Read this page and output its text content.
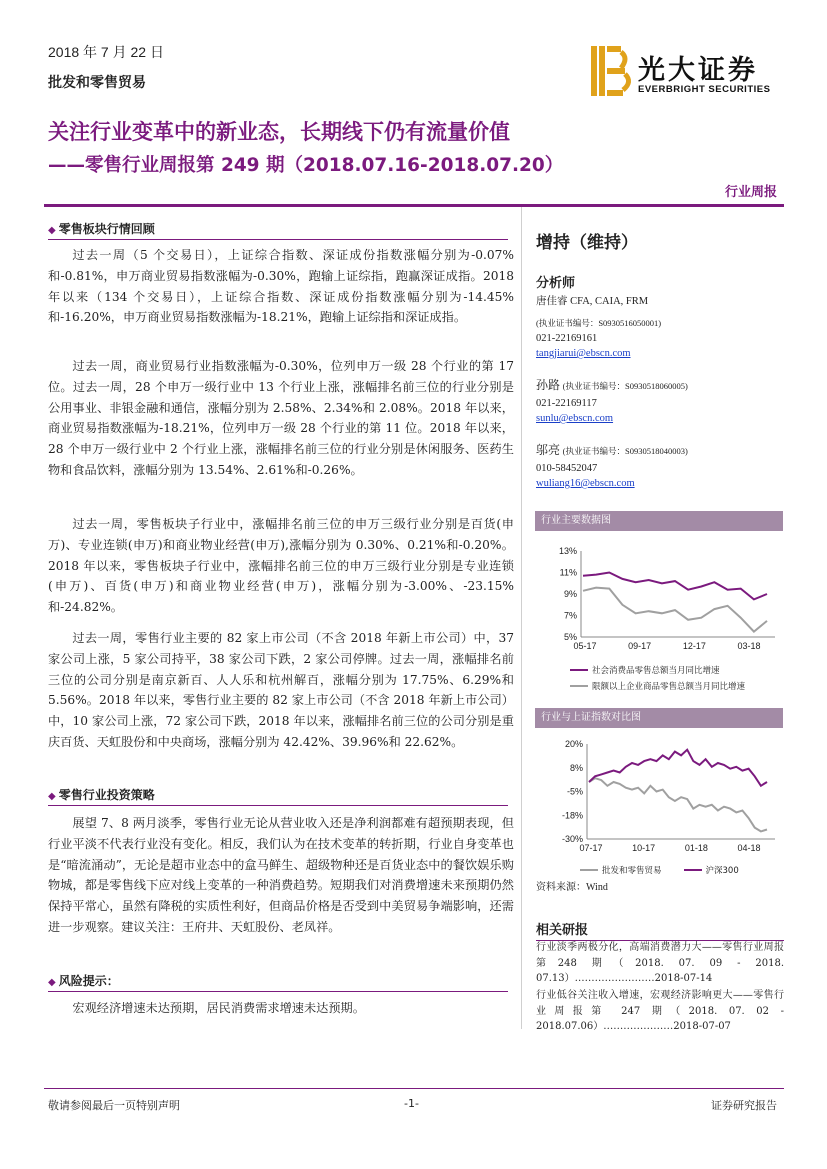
2018 年 7 月 22 日
批发和零售贸易	光大证券
EVERBRIGHT SECURITIES
关注行业变革中的新业态，长期线下仍有流量价值
——零售行业周报第 249 期（2018.07.16-2018.07.20）
行业周报
◆ 零售板块行情回顾
过去一周（5 个交易日），上证综合指数、深证成份指数涨幅分别为-0.07%和-0.81%，申万商业贸易指数涨幅为-0.30%，跑输上证综指，跑赢深证成指。2018 年以来（134 个交易日），上证综合指数、深证成份指数涨幅分别为-14.45%和-16.20%，申万商业贸易指数涨幅为-18.21%，跑输上证综指和深证成指。
过去一周，商业贸易行业指数涨幅为-0.30%，位列申万一级 28 个行业的第 17 位。过去一周，28 个申万一级行业中 13 个行业上涨，涨幅排名前三位的行业分别是公用事业、非银金融和通信，涨幅分别为 2.58%、2.34%和 2.08%。2018 年以来，商业贸易指数涨幅为-18.21%，位列申万一级 28 个行业的第 11 位。2018 年以来，28 个申万一级行业中 2 个行业上涨，涨幅排名前三位的行业分别是休闲服务、医药生物和食品饮料，涨幅分别为 13.54%、2.61%和-0.26%。
过去一周，零售板块子行业中，涨幅排名前三位的申万三级行业分别是百货(申万)、专业连锁(申万)和商业物业经营(申万),涨幅分别为 0.30%、0.21%和-0.20%。2018 年以来，零售板块子行业中，涨幅排名前三位的申万三级行业分别是专业连锁(申万)、百货(申万)和商业物业经营(申万)，涨幅分别为-3.00%、-23.15%和-24.82%。
过去一周，零售行业主要的 82 家上市公司（不含 2018 年新上市公司）中，37 家公司上涨，5 家公司持平，38 家公司下跌，2 家公司停牌。过去一周，涨幅排名前三位的公司分别是南京新百、人人乐和杭州解百，涨幅分别为 17.75%、6.29%和 5.56%。2018 年以来，零售行业主要的 82 家上市公司（不含 2018 年新上市公司）中，10 家公司上涨，72 家公司下跌，2018 年以来，涨幅排名前三位的公司分别是重庆百货、天虹股份和中央商场，涨幅分别为 42.42%、39.96%和 22.62%。
◆ 零售行业投资策略
展望 7、8 两月淡季，零售行业无论从营业收入还是净利润都难有超预期表现，但行业平淡不代表行业没有变化。相反，我们认为在技术变革的转折期，行业自身变革也是“暗流涌动”，无论是超市业态中的盒马鲜生、超级物种还是百货业态中的餐饮娱乐购物城，都是零售线下应对线上变革的一种消费趋势。短期我们对消费增速未来预期仍然保持平常心，虽然有降税的实质性利好，但商品价格是否受到中美贸易争端影响，还需进一步观察。建议关注：王府井、天虹股份、老凤祥。
◆ 风险提示：
宏观经济增速未达预期，居民消费需求增速未达预期。
增持（维持）
分析师
唐佳睿 CFA, CAIA, FRM
(执业证书编号：S0930516050001)
021-22169161
tangjiarui@ebscn.com
孙路 (执业证书编号：S0930518060005)
021-22169117
sunlu@ebscn.com
邬亮 (执业证书编号：S0930518040003)
010-58452047
wuliang16@ebscn.com
行业主要数据图
13%
11%
9%
7%
5%
05-17	09-17	12-17	03-18
社会消费品零售总额当月同比增速
限额以上企业商品零售总额当月同比增速
行业与上证指数对比图
20%
8%
-5%
-18%
-30%
07-17	10-17	01-18	04-18
批发和零售贸易	沪深300
资料来源：Wind
相关研报
行业淡季两极分化，高端消费潜力大——零售行业周报第248 期（2018. 07. 09 - 2018. 07.13）……………………2018-07-14
行业低谷关注收入增速，宏观经济影响更大——零售行业周报第 247 期（2018. 07. 02 - 2018.07.06）…………………2018-07-07
敬请参阅最后一页特别声明	-1-	证券研究报告
